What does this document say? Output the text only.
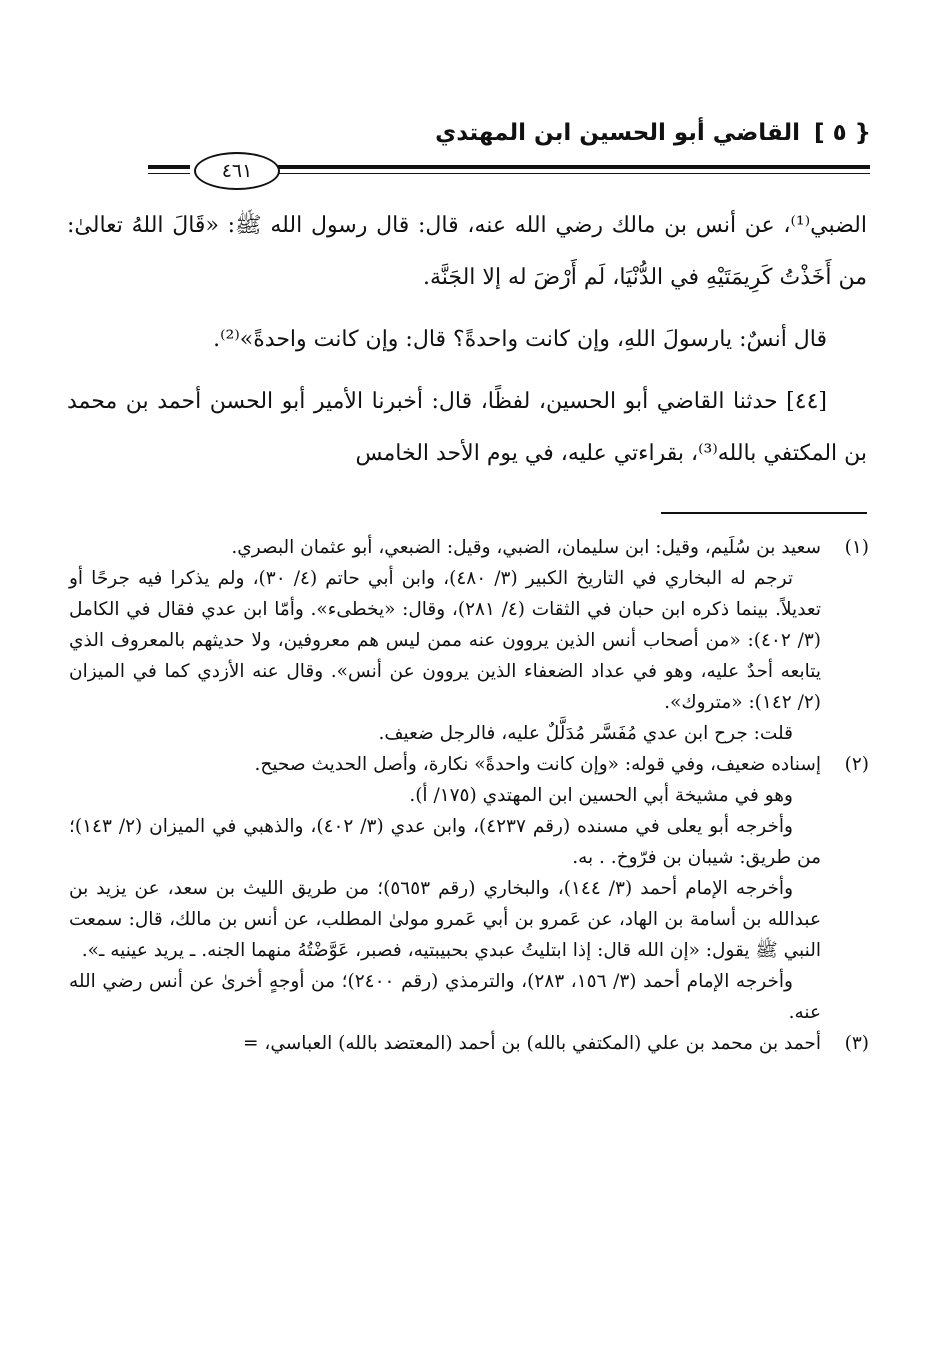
{ ٥ ] القاضي أبو الحسين ابن المهتدي
٤٦١

الضبي⁽¹⁾، عن أنس بن مالك رضي الله عنه، قال: قال رسول الله ﷺ: «قَالَ اللهُ تعالىٰ: من أَخَذْتُ كَرِيمَتَيْهِ في الدُّنْيَا، لَم أَرْضَ له إلا الجَنَّة.

قال أنسٌ: يارسولَ اللهِ، وإن كانت واحدةً؟ قال: وإن كانت واحدةً»⁽²⁾.

[٤٤] حدثنا القاضي أبو الحسين، لفظًا، قال: أخبرنا الأمير أبو الحسن أحمد بن محمد بن المكتفي بالله⁽³⁾، بقراءتي عليه، في يوم الأحد الخامس

(١)

سعيد بن سُلَيم، وقيل: ابن سليمان، الضبي، وقيل: الضبعي، أبو عثمان البصري.

ترجم له البخاري في التاريخ الكبير (٣/ ٤٨٠)، وابن أبي حاتم (٤/ ٣٠)، ولم يذكرا فيه جرحًا أو تعديلاً. بينما ذكره ابن حبان في الثقات (٤/ ٢٨١)، وقال: «يخطىء». وأمّا ابن عدي فقال في الكامل (٣/ ٤٠٢): «من أصحاب أنس الذين يروون عنه ممن ليس هم معروفين، ولا حديثهم بالمعروف الذي يتابعه أحدٌ عليه، وهو في عداد الضعفاء الذين يروون عن أنس». وقال عنه الأزدي كما في الميزان (٢/ ١٤٢): «متروك».

قلت: جرح ابن عدي مُفَسَّر مُدَلَّلٌ عليه، فالرجل ضعيف.

(٢)

إسناده ضعيف، وفي قوله: «وإن كانت واحدةً» نكارة، وأصل الحديث صحيح.

وهو في مشيخة أبي الحسين ابن المهتدي (١٧٥/ أ).

وأخرجه أبو يعلى في مسنده (رقم ٤٢٣٧)، وابن عدي (٣/ ٤٠٢)، والذهبي في الميزان (٢/ ١٤٣)؛ من طريق: شيبان بن فرّوخ. . به.

وأخرجه الإمام أحمد (٣/ ١٤٤)، والبخاري (رقم ٥٦٥٣)؛ من طريق الليث بن سعد، عن يزيد بن عبدالله بن أسامة بن الهاد، عن عَمرو بن أبي عَمرو مولىٰ المطلب، عن أنس بن مالك، قال: سمعت النبي ﷺ يقول: «إن الله قال: إذا ابتليتُ عبدي بحبيبتيه، فصبر، عَوَّضْتُهُ منهما الجنه. ـ يريد عينيه ـ».

وأخرجه الإمام أحمد (٣/ ١٥٦، ٢٨٣)، والترمذي (رقم ٢٤٠٠)؛ من أوجهٍ أخرىٰ عن أنس رضي الله عنه.

(٣)

أحمد بن محمد بن علي (المكتفي بالله) بن أحمد (المعتضد بالله) العباسي، =
